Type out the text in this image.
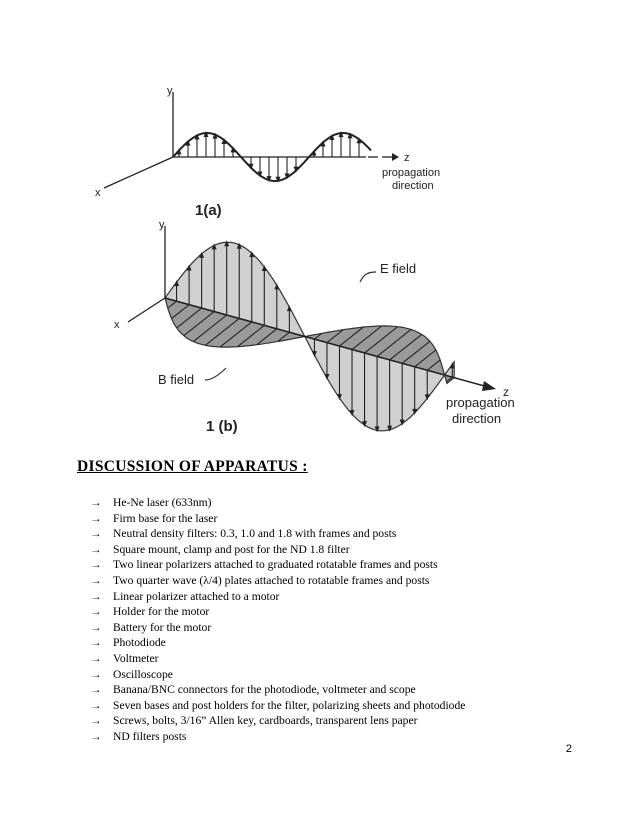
y
x
z
propagation
direction
1(a)
y
x
z
E field
B field
propagation
direction
1 (b)
DISCUSSION OF APPARATUS :
→ He-Ne laser (633nm)
→ Firm base for the laser
→ Neutral density filters: 0.3, 1.0 and 1.8 with frames and posts
→ Square mount, clamp and post for the ND 1.8 filter
→ Two linear polarizers attached to graduated rotatable frames and posts
→ Two quarter wave (λ/4) plates attached to rotatable frames and posts
→ Linear polarizer attached to a motor
→ Holder for the motor
→ Battery for the motor
→ Photodiode
→ Voltmeter
→ Oscilloscope
→ Banana/BNC connectors for the photodiode, voltmeter and scope
→ Seven bases and post holders for the filter, polarizing sheets and photodiode
→ Screws, bolts, 3/16” Allen key, cardboards, transparent lens paper
→ ND filters posts
2
